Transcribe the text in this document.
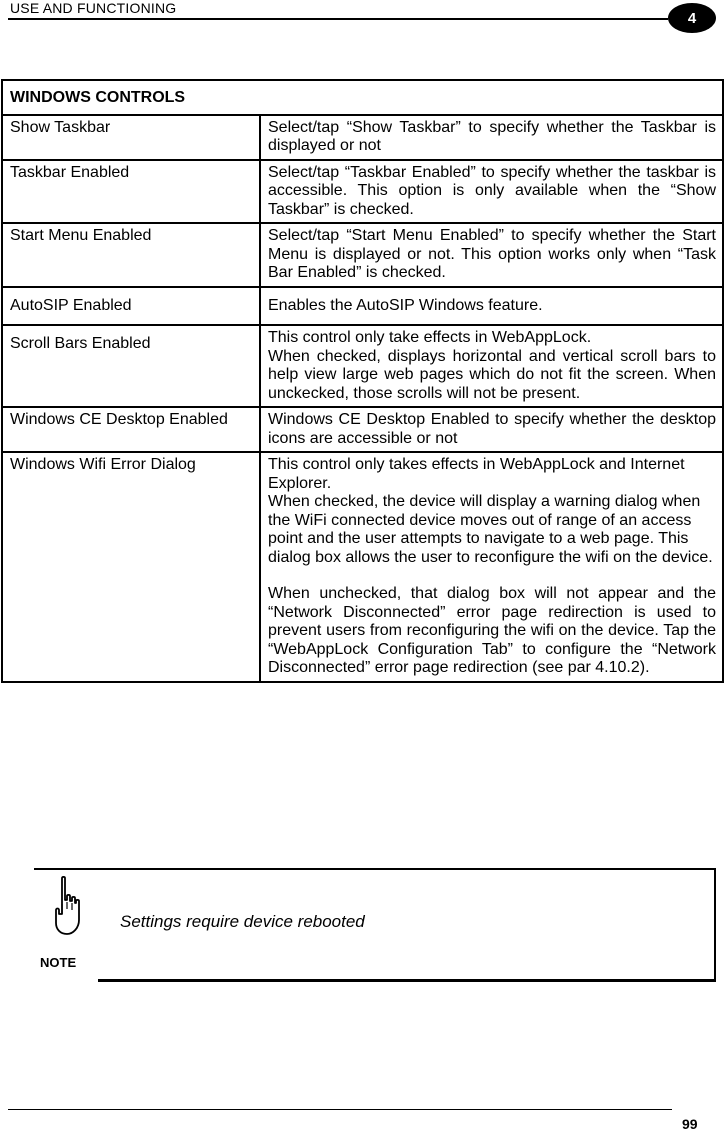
USE AND FUNCTIONING
4
WINDOWS CONTROLS	
Show Taskbar	Select/tap “Show Taskbar” to specify whether the Taskbar is displayed or not

Taskbar Enabled	Select/tap “Taskbar Enabled” to specify whether the taskbar is accessible. This option is only available when the “Show Taskbar” is checked.

Start Menu Enabled	Select/tap “Start Menu Enabled” to specify whether the Start Menu is displayed or not. This option works only when “Task Bar Enabled” is checked.

AutoSIP Enabled	Enables the AutoSIP Windows feature.

Scroll Bars Enabled	This control only take effects in WebAppLock.

When checked, displays horizontal and vertical scroll bars to help view large web pages which do not fit the screen. When unckecked, those scrolls will not be present.

Windows CE Desktop Enabled	Windows CE Desktop Enabled to specify whether the desktop icons are accessible or not

Windows Wifi Error Dialog	This control only takes effects in WebAppLock and Internet Explorer.

When checked, the device will display a warning dialog when the WiFi connected device moves out of range of an access point and the user attempts to navigate to a web page. This dialog box allows the user to reconfigure the wifi on the device.

When unchecked, that dialog box will not appear and the “Network Disconnected” error page redirection is used to prevent users from reconfiguring the wifi on the device. Tap the “WebAppLock Configuration Tab” to configure the “Network Disconnected” error page redirection (see par 4.10.2).

NOTE
Settings require device rebooted
99
